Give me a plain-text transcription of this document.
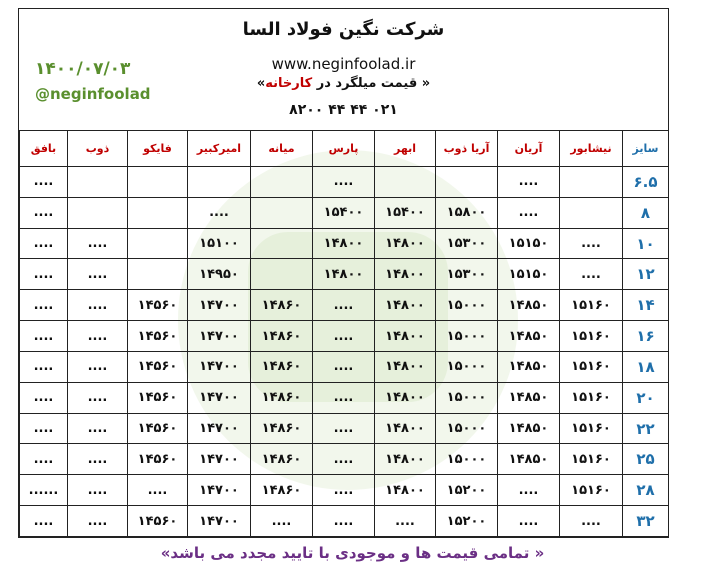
۱۴۰۰/۰۷/۰۳
@neginfoolad
شرکت نگین فولاد السا
www.neginfoolad.ir
« قیمت میلگرد در کارخانه»
۰۲۱ ۴۴ ۴۴ ۸۲۰۰
سایز	نیشابور	آریان	آریا ذوب	ابهر	پارس	میانه	امیرکبیر	فایکو	ذوب	بافق
۶.۵		....			....					....
۸		....	۱۵۸۰۰	۱۵۴۰۰	۱۵۴۰۰		....			....
۱۰	....	۱۵۱۵۰	۱۵۳۰۰	۱۴۸۰۰	۱۴۸۰۰		۱۵۱۰۰		....	....
۱۲	....	۱۵۱۵۰	۱۵۳۰۰	۱۴۸۰۰	۱۴۸۰۰		۱۴۹۵۰		....	....
۱۴	۱۵۱۶۰	۱۴۸۵۰	۱۵۰۰۰	۱۴۸۰۰	....	۱۴۸۶۰	۱۴۷۰۰	۱۴۵۶۰	....	....
۱۶	۱۵۱۶۰	۱۴۸۵۰	۱۵۰۰۰	۱۴۸۰۰	....	۱۴۸۶۰	۱۴۷۰۰	۱۴۵۶۰	....	....
۱۸	۱۵۱۶۰	۱۴۸۵۰	۱۵۰۰۰	۱۴۸۰۰	....	۱۴۸۶۰	۱۴۷۰۰	۱۴۵۶۰	....	....
۲۰	۱۵۱۶۰	۱۴۸۵۰	۱۵۰۰۰	۱۴۸۰۰	....	۱۴۸۶۰	۱۴۷۰۰	۱۴۵۶۰	....	....
۲۲	۱۵۱۶۰	۱۴۸۵۰	۱۵۰۰۰	۱۴۸۰۰	....	۱۴۸۶۰	۱۴۷۰۰	۱۴۵۶۰	....	....
۲۵	۱۵۱۶۰	۱۴۸۵۰	۱۵۰۰۰	۱۴۸۰۰	....	۱۴۸۶۰	۱۴۷۰۰	۱۴۵۶۰	....	....
۲۸	۱۵۱۶۰	....	۱۵۲۰۰	۱۴۸۰۰	....	۱۴۸۶۰	۱۴۷۰۰	....	....	......
۳۲	....	....	۱۵۲۰۰	....	....	....	۱۴۷۰۰	۱۴۵۶۰	....	....
« تمامی قیمت ها و موجودی با تایید مجدد می باشد»
